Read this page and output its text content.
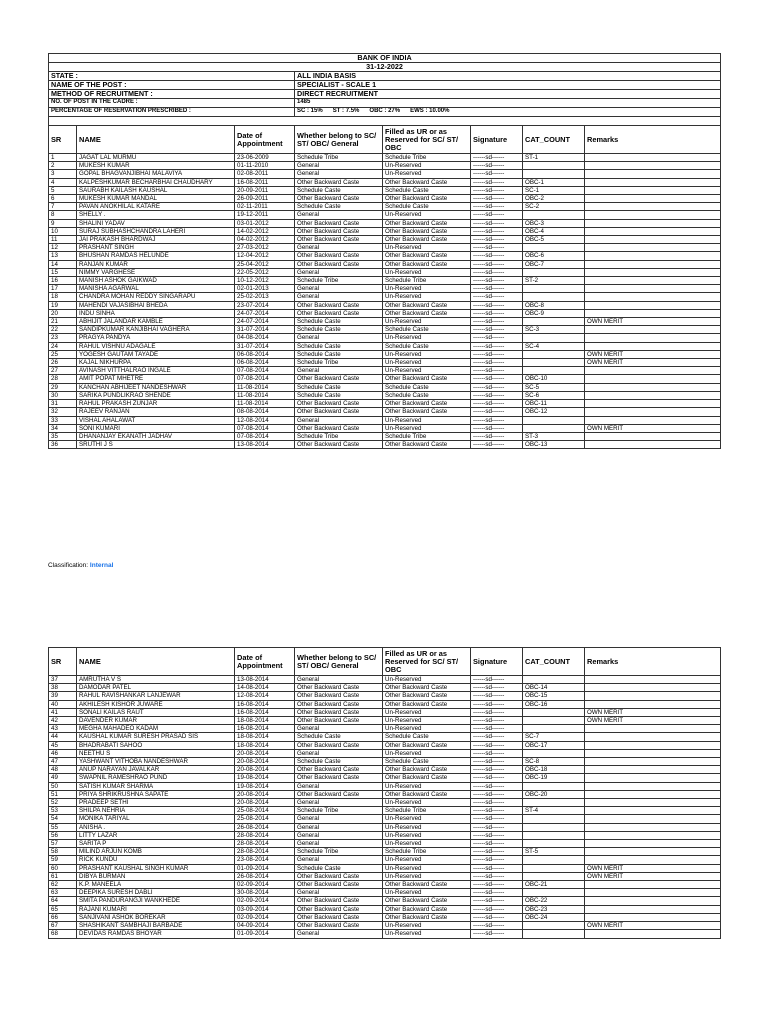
BANK OF INDIA							
31-12-2022							
STATE :			ALL INDIA BASIS				
NAME OF THE POST :			SPECIALIST - SCALE 1				
METHOD OF RECRUITMENT :			DIRECT RECRUITMENT				
NO. OF POST IN THE CADRE :			1485				
PERCENTAGE OF RESERVATION PRESCRIBED :			SC : 15% ST : 7.5% OBC : 27% EWS : 10.00%				

SR	NAME	Date of Appointment	Whether belong to SC/ ST/ OBC/ General	Filled as UR or as Reserved for SC/ ST/ OBC	Signature	CAT_COUNT	Remarks
1	JAGAT LAL MURMU	23-06-2009	Schedule Tribe	Schedule Tribe	------sd------	ST-1	
2	MUKESH KUMAR	01-11-2010	General	Un-Reserved	------sd------		
3	GOPAL BHAGVANJIBHAI MALAVIYA	02-08-2011	General	Un-Reserved	------sd------		
4	KALPESHKUMAR BECHARBHAI CHAUDHARY	16-08-2011	Other Backward Caste	Other Backward Caste	------sd------	OBC-1	
5	SAURABH KAILASH KAUSHAL	20-09-2011	Schedule Caste	Schedule Caste	------sd------	SC-1	
6	MUKESH KUMAR MANDAL	26-09-2011	Other Backward Caste	Other Backward Caste	------sd------	OBC-2	
7	PAVAN ANOKHILAL KATARE	02-11-2011	Schedule Caste	Schedule Caste	------sd------	SC-2	
8	SHELLY .	19-12-2011	General	Un-Reserved	------sd------		
9	SHALINI YADAV	03-01-2012	Other Backward Caste	Other Backward Caste	------sd------	OBC-3	
10	SURAJ SUBHASHCHANDRA LAHERI	14-02-2012	Other Backward Caste	Other Backward Caste	------sd------	OBC-4	
11	JAI PRAKASH BHARDWAJ	04-02-2012	Other Backward Caste	Other Backward Caste	------sd------	OBC-5	
12	PRASHANT SINGH	27-03-2012	General	Un-Reserved	------sd------		
13	BHUSHAN RAMDAS HELUNDE	12-04-2012	Other Backward Caste	Other Backward Caste	------sd------	OBC-6	
14	RANJAN KUMAR	25-04-2012	Other Backward Caste	Other Backward Caste	------sd------	OBC-7	
15	NIMMY VARGHESE	22-05-2012	General	Un-Reserved	------sd------		
16	MANISH ASHOK GAIKWAD	10-12-2012	Schedule Tribe	Schedule Tribe	------sd------	ST-2	
17	MANISHA AGARWAL	02-01-2013	General	Un-Reserved	------sd------		
18	CHANDRA MOHAN REDDY SINGARAPU	25-02-2013	General	Un-Reserved	------sd------		
19	MAHENDI VAJASIBHAI BHEDA	23-07-2014	Other Backward Caste	Other Backward Caste	------sd------	OBC-8	
20	INDU SINHA	24-07-2014	Other Backward Caste	Other Backward Caste	------sd------	OBC-9	
21	ABHIJIT JALANDAR KAMBLE	24-07-2014	Schedule Caste	Un-Reserved	------sd------		OWN MERIT
22	SANDIPKUMAR KANJIBHAI VAGHERA	31-07-2014	Schedule Caste	Schedule Caste	------sd------	SC-3	
23	PRAGYA PANDYA	04-08-2014	General	Un-Reserved	------sd------		
24	RAHUL VISHNU ADAGALE	31-07-2014	Schedule Caste	Schedule Caste	------sd------	SC-4	
25	YOGESH GAUTAM TAYADE	06-08-2014	Schedule Caste	Un-Reserved	------sd------		OWN MERIT
26	KAJAL NIKHURPA	06-08-2014	Schedule Tribe	Un-Reserved	------sd------		OWN MERIT
27	AVINASH VITTHALRAO INGALE	07-08-2014	General	Un-Reserved	------sd------		
28	AMIT POPAT MHETRE	07-08-2014	Other Backward Caste	Other Backward Caste	------sd------	OBC-10	
29	KANCHAN ABHIJEET NANDESHWAR	11-08-2014	Schedule Caste	Schedule Caste	------sd------	SC-5	
30	SARIKA PUNDLIKRAO SHENDE	11-08-2014	Schedule Caste	Schedule Caste	------sd------	SC-6	
31	RAHUL PRAKASH ZUNJAR	11-08-2014	Other Backward Caste	Other Backward Caste	------sd------	OBC-11	
32	RAJEEV RANJAN	08-08-2014	Other Backward Caste	Other Backward Caste	------sd------	OBC-12	
33	VISHAL AHALAWAT	12-08-2014	General	Un-Reserved	------sd------		
34	SONI KUMARI	07-08-2014	Other Backward Caste	Un-Reserved	------sd------		OWN MERIT
35	DHANANJAY EKANATH JADHAV	07-08-2014	Schedule Tribe	Schedule Tribe	------sd------	ST-3	
36	SRUTHI J S	13-08-2014	Other Backward Caste	Other Backward Caste	------sd------	OBC-13	
Classification: Internal
SR	NAME	Date of Appointment	Whether belong to SC/ ST/ OBC/ General	Filled as UR or as Reserved for SC/ ST/ OBC	Signature	CAT_COUNT	Remarks
37	AMRUTHA V S	13-08-2014	General	Un-Reserved	------sd------		
38	DAMODAR PATEL	14-08-2014	Other Backward Caste	Other Backward Caste	------sd------	OBC-14	
39	RAHUL RAVISHANKAR LANJEWAR	12-08-2014	Other Backward Caste	Other Backward Caste	------sd------	OBC-15	
40	AKHILESH KISHOR JUWARE	16-08-2014	Other Backward Caste	Other Backward Caste	------sd------	OBC-16	
41	SONALI KAILAS RAUT	16-08-2014	Other Backward Caste	Un-Reserved	------sd------		OWN MERIT
42	DAVENDER KUMAR	18-08-2014	Other Backward Caste	Un-Reserved	------sd------		OWN MERIT
43	MEGHA MAHADEO KADAM	16-08-2014	General	Un-Reserved	------sd------		
44	KAUSHAL KUMAR SURESH PRASAD SIS	18-08-2014	Schedule Caste	Schedule Caste	------sd------	SC-7	
45	BHADRABATI SAHOO	18-08-2014	Other Backward Caste	Other Backward Caste	------sd------	OBC-17	
46	NEETHU S	20-08-2014	General	Un-Reserved	------sd------		
47	YASHWANT VITHOBA NANDESHWAR	20-08-2014	Schedule Caste	Schedule Caste	------sd------	SC-8	
48	ANUP NARAYAN JAVALKAR	20-08-2014	Other Backward Caste	Other Backward Caste	------sd------	OBC-18	
49	SWAPNIL RAMESHRAO PUND	19-08-2014	Other Backward Caste	Other Backward Caste	------sd------	OBC-19	
50	SATISH KUMAR SHARMA	19-08-2014	General	Un-Reserved	------sd------		
51	PRIYA SHRIKRUSHNA SAPATE	20-08-2014	Other Backward Caste	Other Backward Caste	------sd------	OBC-20	
52	PRADEEP SETHI	20-08-2014	General	Un-Reserved	------sd------		
53	SHILPA NEHRIA	25-08-2014	Schedule Tribe	Schedule Tribe	------sd------	ST-4	
54	MONIKA TARIYAL	25-08-2014	General	Un-Reserved	------sd------		
55	ANISHA .	26-08-2014	General	Un-Reserved	------sd------		
56	LITTY LAZAR	28-08-2014	General	Un-Reserved	------sd------		
57	SARITA P	28-08-2014	General	Un-Reserved	------sd------		
58	MILIND ARJUN KOMB	28-08-2014	Schedule Tribe	Schedule Tribe	------sd------	ST-5	
59	RICK KUNDU	23-08-2014	General	Un-Reserved	------sd------		
60	PRASHANT KAUSHAL SINGH KUMAR	01-09-2014	Schedule Caste	Un-Reserved	------sd------		OWN MERIT
61	DIBYA BURMAN	26-08-2014	Other Backward Caste	Un-Reserved	------sd------		OWN MERIT
62	K.P. MANEELA	02-09-2014	Other Backward Caste	Other Backward Caste	------sd------	OBC-21	
63	DEEPIKA SURESH DABLI	30-08-2014	General	Un-Reserved	------sd------		
64	SMITA PANDURANGJI WANKHEDE	02-09-2014	Other Backward Caste	Other Backward Caste	------sd------	OBC-22	
65	RAJANI KUMARI	03-09-2014	Other Backward Caste	Other Backward Caste	------sd------	OBC-23	
66	SANJIVANI ASHOK BOREKAR	02-09-2014	Other Backward Caste	Other Backward Caste	------sd------	OBC-24	
67	SHASHIKANT SAMBHAJI BARBADE	04-09-2014	Other Backward Caste	Un-Reserved	------sd------		OWN MERIT
68	DEVIDAS RAMDAS BHOYAR	01-09-2014	General	Un-Reserved	------sd------		
